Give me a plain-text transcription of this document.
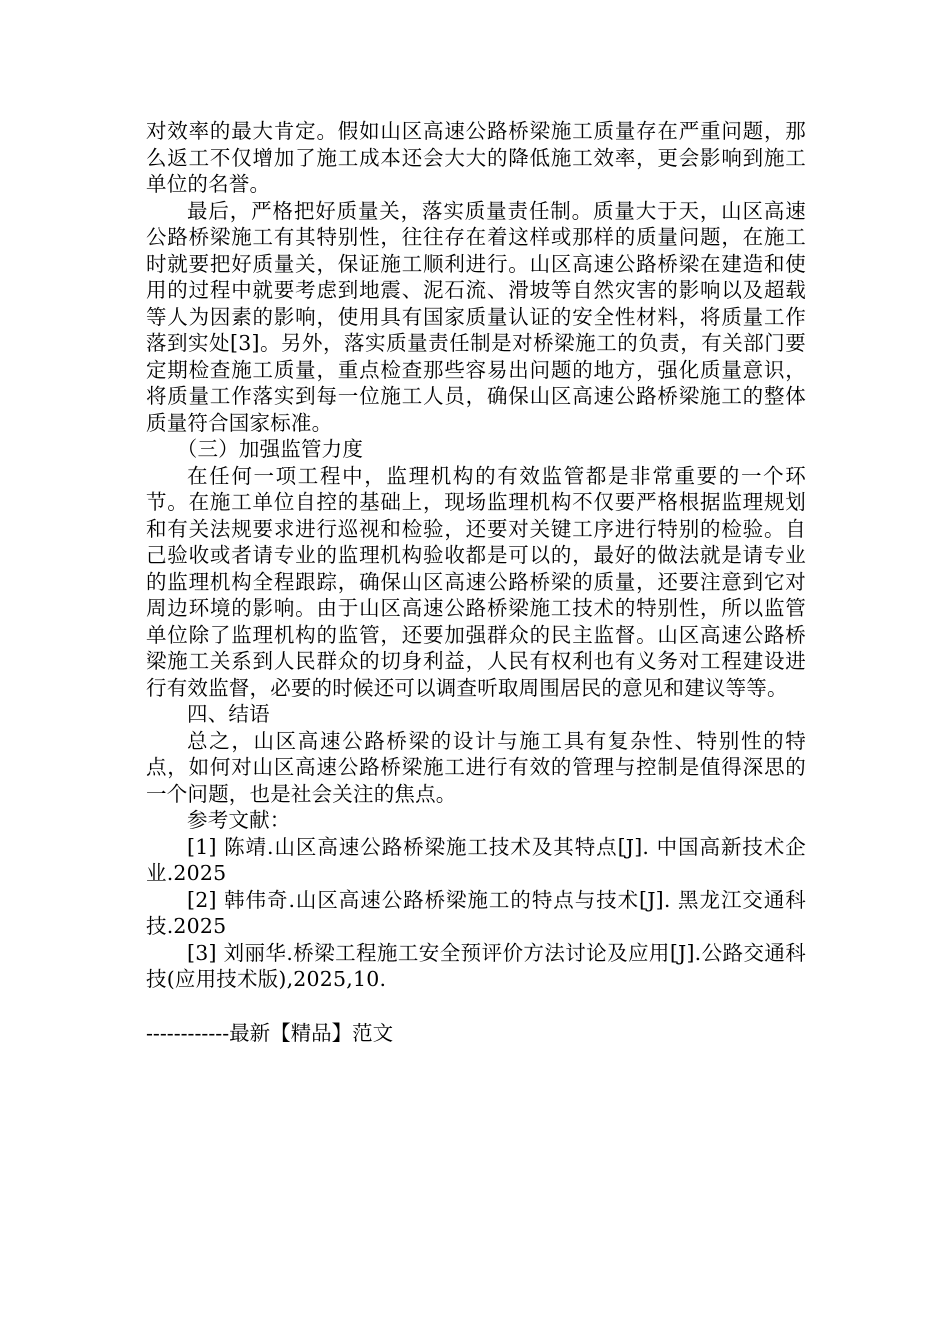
对效率的最大肯定。假如山区高速公路桥梁施工质量存在严重问题，那么返工不仅增加了施工成本还会大大的降低施工效率，更会影响到施工单位的名誉。

最后，严格把好质量关，落实质量责任制。质量大于天，山区高速公路桥梁施工有其特别性，往往存在着这样或那样的质量问题，在施工时就要把好质量关，保证施工顺利进行。山区高速公路桥梁在建造和使用的过程中就要考虑到地震、泥石流、滑坡等自然灾害的影响以及超载等人为因素的影响，使用具有国家质量认证的安全性材料，将质量工作落到实处[3]。另外，落实质量责任制是对桥梁施工的负责，有关部门要定期检查施工质量，重点检查那些容易出问题的地方，强化质量意识，将质量工作落实到每一位施工人员，确保山区高速公路桥梁施工的整体质量符合国家标准。

（三）加强监管力度

在任何一项工程中，监理机构的有效监管都是非常重要的一个环节。在施工单位自控的基础上，现场监理机构不仅要严格根据监理规划和有关法规要求进行巡视和检验，还要对关键工序进行特别的检验。自己验收或者请专业的监理机构验收都是可以的，最好的做法就是请专业的监理机构全程跟踪，确保山区高速公路桥梁的质量，还要注意到它对周边环境的影响。由于山区高速公路桥梁施工技术的特别性，所以监管单位除了监理机构的监管，还要加强群众的民主监督。山区高速公路桥梁施工关系到人民群众的切身利益，人民有权利也有义务对工程建设进行有效监督，必要的时候还可以调查听取周围居民的意见和建议等等。

四、结语

总之，山区高速公路桥梁的设计与施工具有复杂性、特别性的特点，如何对山区高速公路桥梁施工进行有效的管理与控制是值得深思的一个问题，也是社会关注的焦点。

参考文献：

[1] 陈靖.山区高速公路桥梁施工技术及其特点[J]. 中国高新技术企业.2025

[2] 韩伟奇.山区高速公路桥梁施工的特点与技术[J]. 黑龙江交通科技.2025

[3] 刘丽华.桥梁工程施工安全预评价方法讨论及应用[J].公路交通科技(应用技术版),2025,10.

------------最新【精品】范文
